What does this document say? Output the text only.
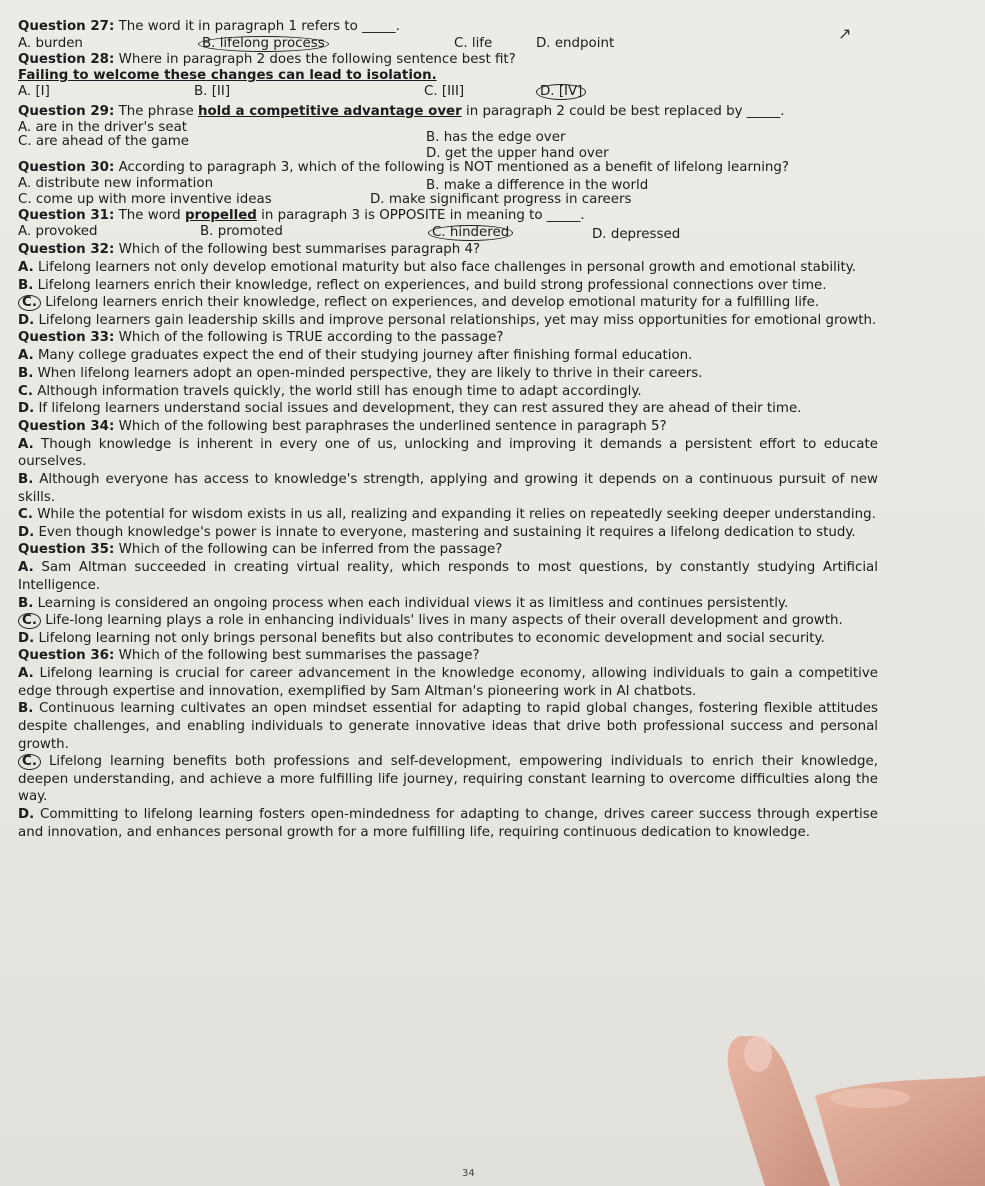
↗
Question 27: The word it in paragraph 1 refers to _____.
A. burden	B. lifelong process	C. life	D. endpoint
Question 28: Where in paragraph 2 does the following sentence best fit?
Failing to welcome these changes can lead to isolation.
A. [I]	B. [II]	C. [III]	D. [IV]
Question 29: The phrase hold a competitive advantage over in paragraph 2 could be best replaced by _____.
A. are in the driver's seat
C. are ahead of the game	B. has the edge over
D. get the upper hand over
Question 30: According to paragraph 3, which of the following is NOT mentioned as a benefit of lifelong learning?
A. distribute new information	B. make a difference in the world
C. come up with more inventive ideas	D. make significant progress in careers
Question 31: The word propelled in paragraph 3 is OPPOSITE in meaning to _____.
A. provoked	B. promoted	C. hindered	D. depressed
Question 32: Which of the following best summarises paragraph 4?

A. Lifelong learners not only develop emotional maturity but also face challenges in personal growth and emotional stability.

B. Lifelong learners enrich their knowledge, reflect on experiences, and build strong professional connections over time.

C. Lifelong learners enrich their knowledge, reflect on experiences, and develop emotional maturity for a fulfilling life.

D. Lifelong learners gain leadership skills and improve personal relationships, yet may miss opportunities for emotional growth.

Question 33: Which of the following is TRUE according to the passage?

A. Many college graduates expect the end of their studying journey after finishing formal education.

B. When lifelong learners adopt an open-minded perspective, they are likely to thrive in their careers.

C. Although information travels quickly, the world still has enough time to adapt accordingly.

D. If lifelong learners understand social issues and development, they can rest assured they are ahead of their time.

Question 34: Which of the following best paraphrases the underlined sentence in paragraph 5?

A. Though knowledge is inherent in every one of us, unlocking and improving it demands a persistent effort to educate ourselves.

B. Although everyone has access to knowledge's strength, applying and growing it depends on a continuous pursuit of new skills.

C. While the potential for wisdom exists in us all, realizing and expanding it relies on repeatedly seeking deeper understanding.

D. Even though knowledge's power is innate to everyone, mastering and sustaining it requires a lifelong dedication to study.

Question 35: Which of the following can be inferred from the passage?

A. Sam Altman succeeded in creating virtual reality, which responds to most questions, by constantly studying Artificial Intelligence.

B. Learning is considered an ongoing process when each individual views it as limitless and continues persistently.

C. Life-long learning plays a role in enhancing individuals' lives in many aspects of their overall development and growth.

D. Lifelong learning not only brings personal benefits but also contributes to economic development and social security.

Question 36: Which of the following best summarises the passage?

A. Lifelong learning is crucial for career advancement in the knowledge economy, allowing individuals to gain a competitive edge through expertise and innovation, exemplified by Sam Altman's pioneering work in AI chatbots.

B. Continuous learning cultivates an open mindset essential for adapting to rapid global changes, fostering flexible attitudes despite challenges, and enabling individuals to generate innovative ideas that drive both professional success and personal growth.

C. Lifelong learning benefits both professions and self-development, empowering individuals to enrich their knowledge, deepen understanding, and achieve a more fulfilling life journey, requiring constant learning to overcome difficulties along the way.

D. Committing to lifelong learning fosters open-mindedness for adapting to change, drives career success through expertise and innovation, and enhances personal growth for a more fulfilling life, requiring continuous dedication to knowledge.

34
